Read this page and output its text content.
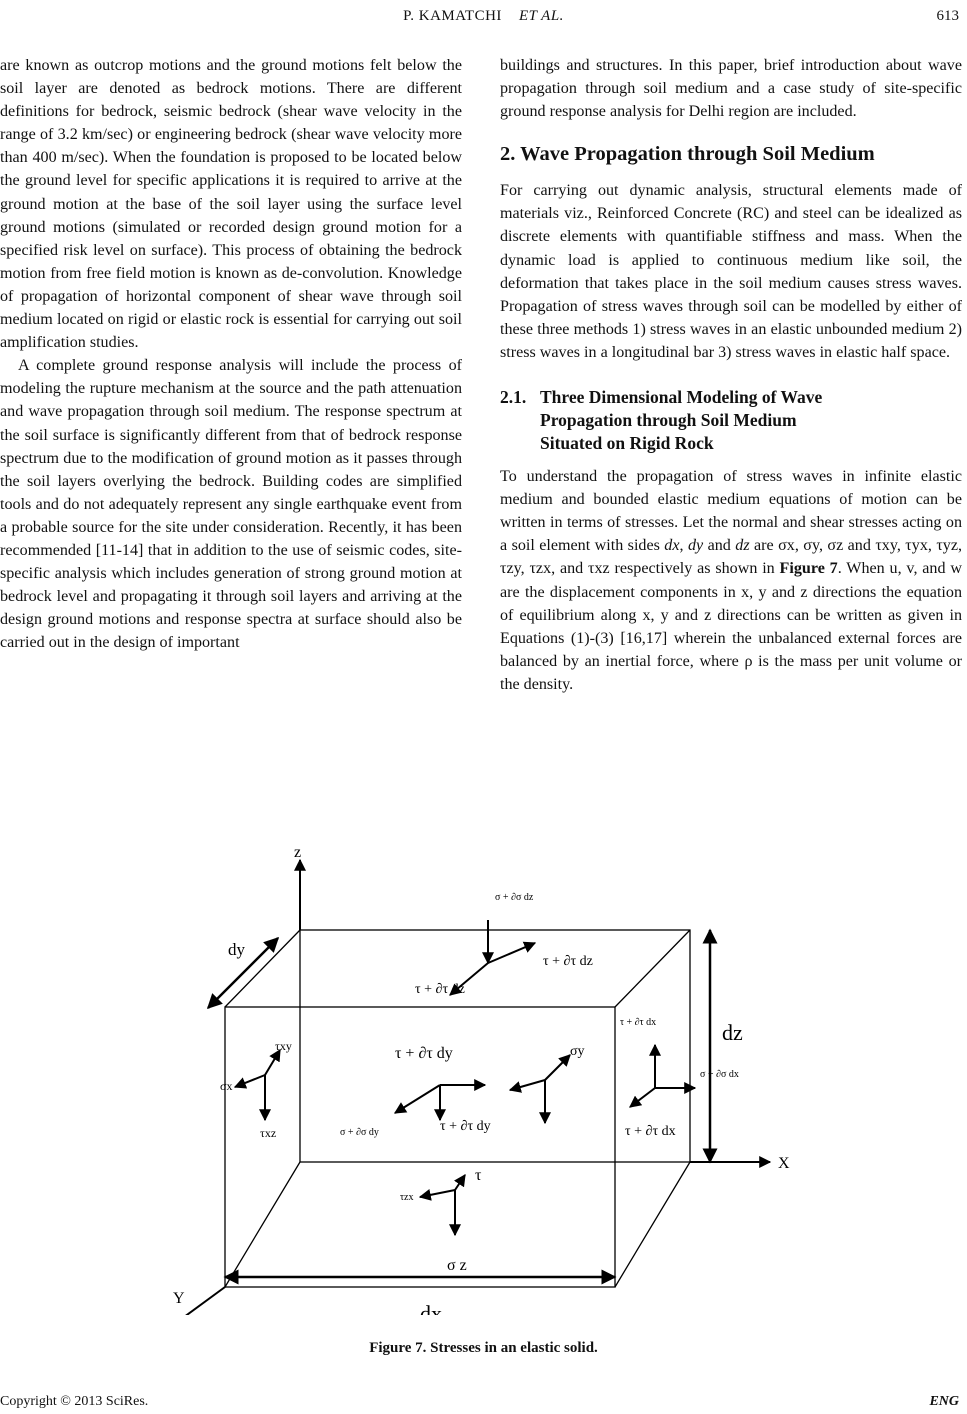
P. KAMATCHI ET AL.	613

are known as outcrop motions and the ground motions felt below the soil layer are denoted as bedrock motions. There are different definitions for bedrock, seismic bedrock (shear wave velocity in the range of 3.2 km/sec) or engineering bedrock (shear wave velocity more than 400 m/sec). When the foundation is proposed to be located below the ground level for specific applications it is required to arrive at the ground motion at the base of the soil layer using the surface level ground motions (simulated or recorded design ground motion for a specified risk level on surface). This process of obtaining the bedrock motion from free field motion is known as de-convolution. Knowledge of propagation of horizontal component of shear wave through soil medium located on rigid or elastic rock is essential for carrying out soil amplification studies.

A complete ground response analysis will include the process of modeling the rupture mechanism at the source and the path attenuation and wave propagation through soil medium. The response spectrum at the soil surface is significantly different from that of bedrock response spectrum due to the modification of ground motion as it passes through the soil layers overlying the bedrock. Building codes are simplified tools and do not adequately represent any single earthquake event from a probable source for the site under consideration. Recently, it has been recommended [11-14] that in addition to the use of seismic codes, site-specific analysis which includes generation of strong ground motion at bedrock level and propagating it through soil layers and arriving at the design ground motions and response spectra at surface should also be carried out in the design of important

buildings and structures. In this paper, brief introduction about wave propagation through soil medium and a case study of site-specific ground response analysis for Delhi region are included.

2. Wave Propagation through Soil Medium

For carrying out dynamic analysis, structural elements made of materials viz., Reinforced Concrete (RC) and steel can be idealized as discrete elements with quantifiable stiffness and mass. When the dynamic load is applied to continuous medium like soil, the deformation that takes place in the soil medium causes stress waves. Propagation of stress waves through soil can be modelled by either of these three methods 1) stress waves in an elastic unbounded medium 2) stress waves in a longitudinal bar 3) stress waves in elastic half space.

2.1. Three Dimensional Modeling of Wave
Propagation through Soil Medium
Situated on Rigid Rock

To understand the propagation of stress waves in infinite elastic medium and bounded elastic medium equations of motion can be written in terms of stresses. Let the normal and shear stresses acting on a soil element with sides dx, dy and dz are σx, σy, σz and τxy, τyx, τyz, τzy, τzx, and τxz respectively as shown in Figure 7. When u, v, and w are the displacement components in x, y and z directions the equation of equilibrium along x, y and z directions can be written as given in Equations (1)-(3) [16,17] wherein the unbalanced external forces are balanced by an inertial force, where ρ is the mass per unit volume or the density.

z
X
Y
dy
dz
dx
σ + ∂σ dz
τ + ∂τ dz
τ + ∂τ dz
τ + ∂τ dy
τ + ∂τ dx
σ + ∂σ dx
σx
τxy
τxz
σy
σ + ∂σ dy	τ + ∂τ dy	τ + ∂τ dx
τ
τzx
σ z
Figure 7. Stresses in an elastic solid.
Copyright © 2013 SciRes.	ENG
